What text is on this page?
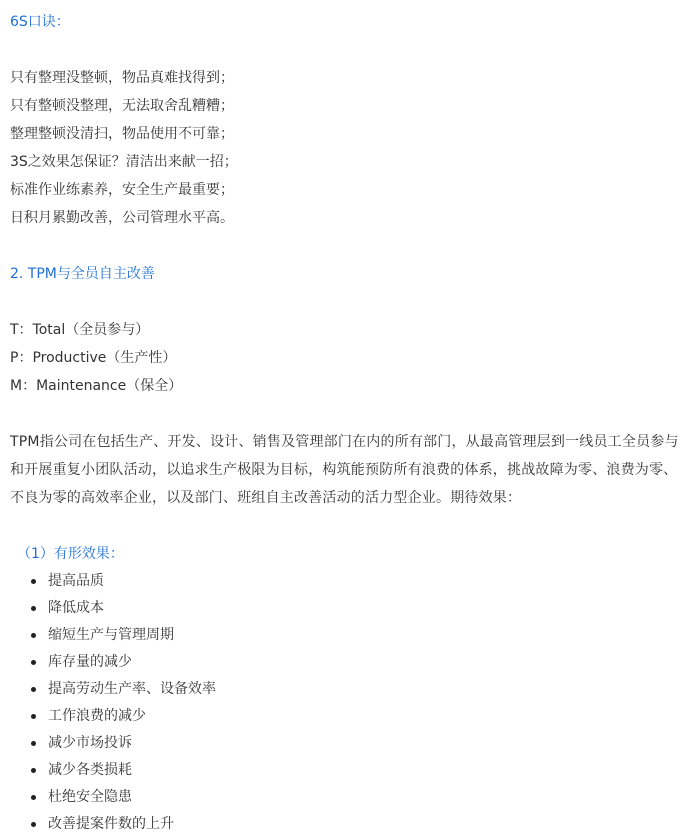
6S口诀：

只有整理没整顿，物品真难找得到；

只有整顿没整理，无法取舍乱糟糟；

整理整顿没清扫，物品使用不可靠；

3S之效果怎保证？清洁出来献一招；

标准作业练素养，安全生产最重要；

日积月累勤改善，公司管理水平高。

2. TPM与全员自主改善

T：Total（全员参与）

P：Productive（生产性）

M：Maintenance（保全）

TPM指公司在包括生产、开发、设计、销售及管理部门在内的所有部门，从最高管理层到一线员工全员参与和开展重复小团队活动，以追求生产极限为目标，构筑能预防所有浪费的体系，挑战故障为零、浪费为零、不良为零的高效率企业，以及部门、班组自主改善活动的活力型企业。期待效果：

（1）有形效果：

提高品质
降低成本
缩短生产与管理周期
库存量的减少
提高劳动生产率、设备效率
工作浪费的减少
减少市场投诉
减少各类损耗
杜绝安全隐患
改善提案件数的上升
